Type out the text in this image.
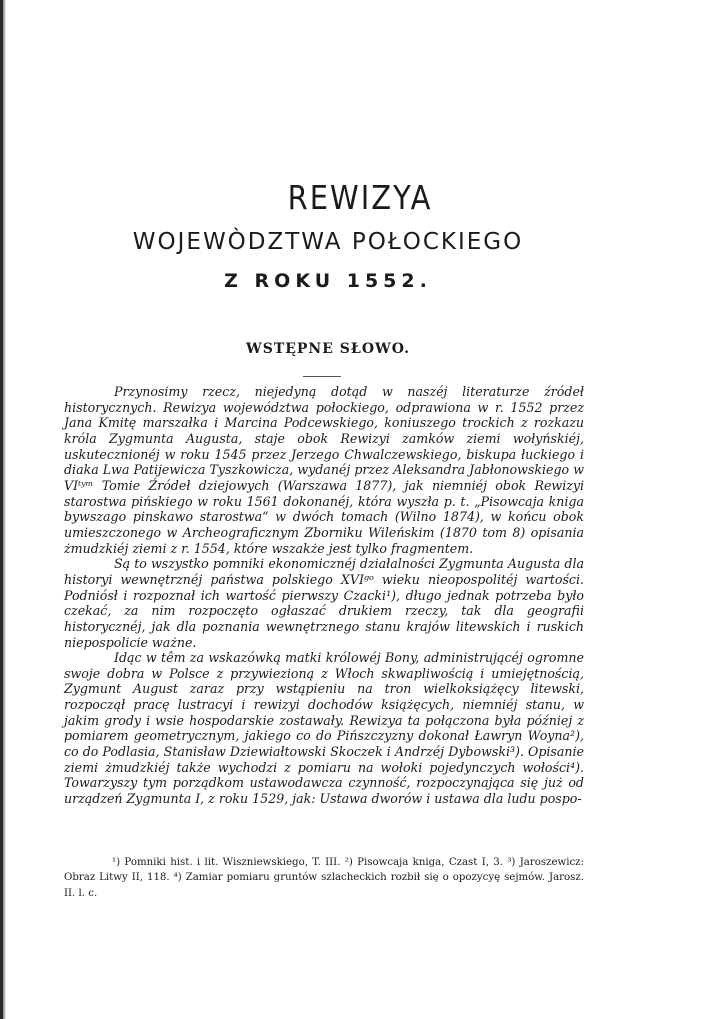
REWIZYA
WOJEWÒDZTWA POŁOCKIEGO
Z ROKU 1552.
WSTĘPNE SŁOWO.

Przynosimy rzecz, niejedyną dotąd w naszéj literaturze źródeł historycznych. Rewizya województwa połockiego, odprawiona w r. 1552 przez Jana Kmitę marszałka i Marcina Podcewskiego, koniuszego trockich z rozkazu króla Zygmunta Augusta, staje obok Rewizyi zamków ziemi wołyńskiéj, uskutecznionéj w roku 1545 przez Jerzego Chwalczewskiego, biskupa łuckiego i diaka Lwa Patijewicza Tyszkowicza, wydanéj przez Aleksandra Jabłonowskiego w VIᵗʸᵐ Tomie Źródeł dziejowych (Warszawa 1877), jak niemniéj obok Rewizyi starostwa pińskiego w roku 1561 dokonanéj, która wyszła p. t. „Pisowcaja kniga bywszago pinskawo starostwa“ w dwóch tomach (Wilno 1874), w końcu obok umieszczonego w Archeograficznym Zborniku Wileńskim (1870 tom 8) opisania żmudzkiéj ziemi z r. 1554, które wszakże jest tylko fragmentem.

Są to wszystko pomniki ekonomicznéj działalności Zygmunta Augusta dla historyi wewnętrznéj państwa polskiego XVIᵍᵒ wieku nieopospolitéj wartości. Podniósł i rozpoznał ich wartość pierwszy Czacki¹), długo jednak potrzeba było czekać, za nim rozpoczęto ogłaszać drukiem rzeczy, tak dla geografii historycznéj, jak dla poznania wewnętrznego stanu krajów litewskich i ruskich niepospolicie ważne.

Idąc w têm za wskazówką matki królowéj Bony, administrującéj ogromne swoje dobra w Polsce z przywiezioną z Włoch skwapliwością i umiejętnością, Zygmunt August zaraz przy wstąpieniu na tron wielkoksiążęcy litewski, rozpoczął pracę lustracyi i rewizyi dochodów książęcych, niemniéj stanu, w jakim grody i wsie hospodarskie zostawały. Rewizya ta połączona była później z pomiarem geometrycznym, jakiego co do Pińszczyzny dokonał Ławryn Woyna²), co do Podlasia, Stanisław Dziewiałtowski Skoczek i Andrzéj Dybowski³). Opisanie ziemi żmudzkiéj także wychodzi z pomiaru na wołoki pojedynczych wołości⁴). Towarzyszy tym porządkom ustawodawcza czynność, rozpoczynająca się już od urządzeń Zygmunta I, z roku 1529, jak: Ustawa dworów i ustawa dla ludu pospo-

¹) Pomniki hist. i lit. Wiszniewskiego, T. III. ²) Pisowcaja kniga, Czast I, 3. ³) Jaroszewicz: Obraz Litwy II, 118. ⁴) Zamiar pomiaru gruntów szlacheckich rozbił się o opozycyę sejmów. Jarosz. II. l. c.
